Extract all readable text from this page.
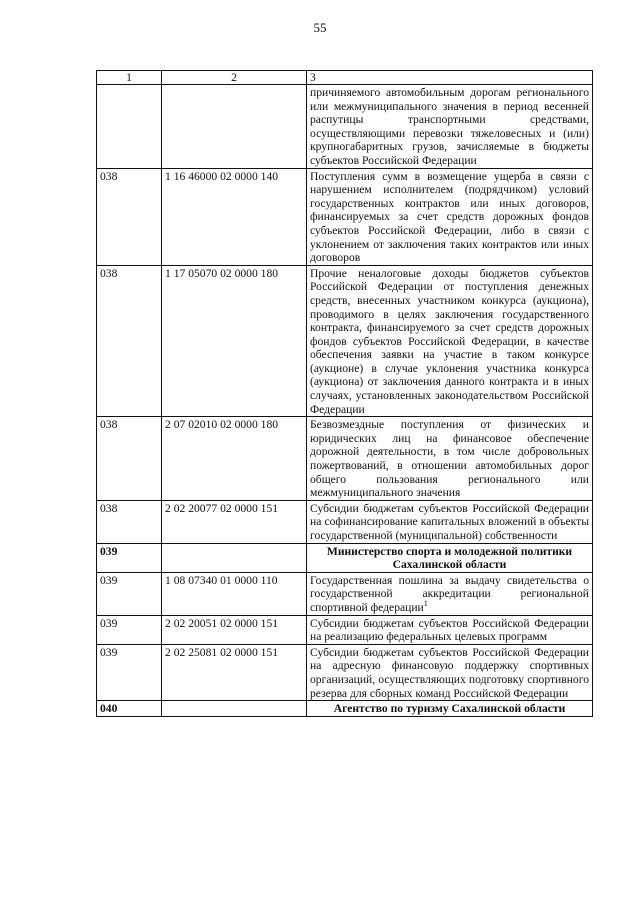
55
1	2	3
		причиняемого автомобильным дорогам регионального или межмуниципального значения в период весенней распутицы транспортными средствами, осуществляющими перевозки тяжеловесных и (или) крупногабаритных грузов, зачисляемые в бюджеты субъектов Российской Федерации
038	1 16 46000 02 0000 140	Поступления сумм в возмещение ущерба в связи с нарушением исполнителем (подрядчиком) условий государственных контрактов или иных договоров, финансируемых за счет средств дорожных фондов субъектов Российской Федерации, либо в связи с уклонением от заключения таких контрактов или иных договоров
038	1 17 05070 02 0000 180	Прочие неналоговые доходы бюджетов субъектов Российской Федерации от поступления денежных средств, внесенных участником конкурса (аукциона), проводимого в целях заключения государственного контракта, финансируемого за счет средств дорожных фондов субъектов Российской Федерации, в качестве обеспечения заявки на участие в таком конкурсе (аукционе) в случае уклонения участника конкурса (аукциона) от заключения данного контракта и в иных случаях, установленных законодательством Российской Федерации
038	2 07 02010 02 0000 180	Безвозмездные поступления от физических и юридических лиц на финансовое обеспечение дорожной деятельности, в том числе добровольных пожертвований, в отношении автомобильных дорог общего пользования регионального или межмуниципального значения
038	2 02 20077 02 0000 151	Субсидии бюджетам субъектов Российской Федерации на софинансирование капитальных вложений в объекты государственной (муниципальной) собственности
039		Министерство спорта и молодежной политики Сахалинской области
039	1 08 07340 01 0000 110	Государственная пошлина за выдачу свидетельства о государственной аккредитации региональной спортивной федерации$^1$
039	2 02 20051 02 0000 151	Субсидии бюджетам субъектов Российской Федерации на реализацию федеральных целевых программ
039	2 02 25081 02 0000 151	Субсидии бюджетам субъектов Российской Федерации на адресную финансовую поддержку спортивных организаций, осуществляющих подготовку спортивного резерва для сборных команд Российской Федерации
040		Агентство по туризму Сахалинской области
